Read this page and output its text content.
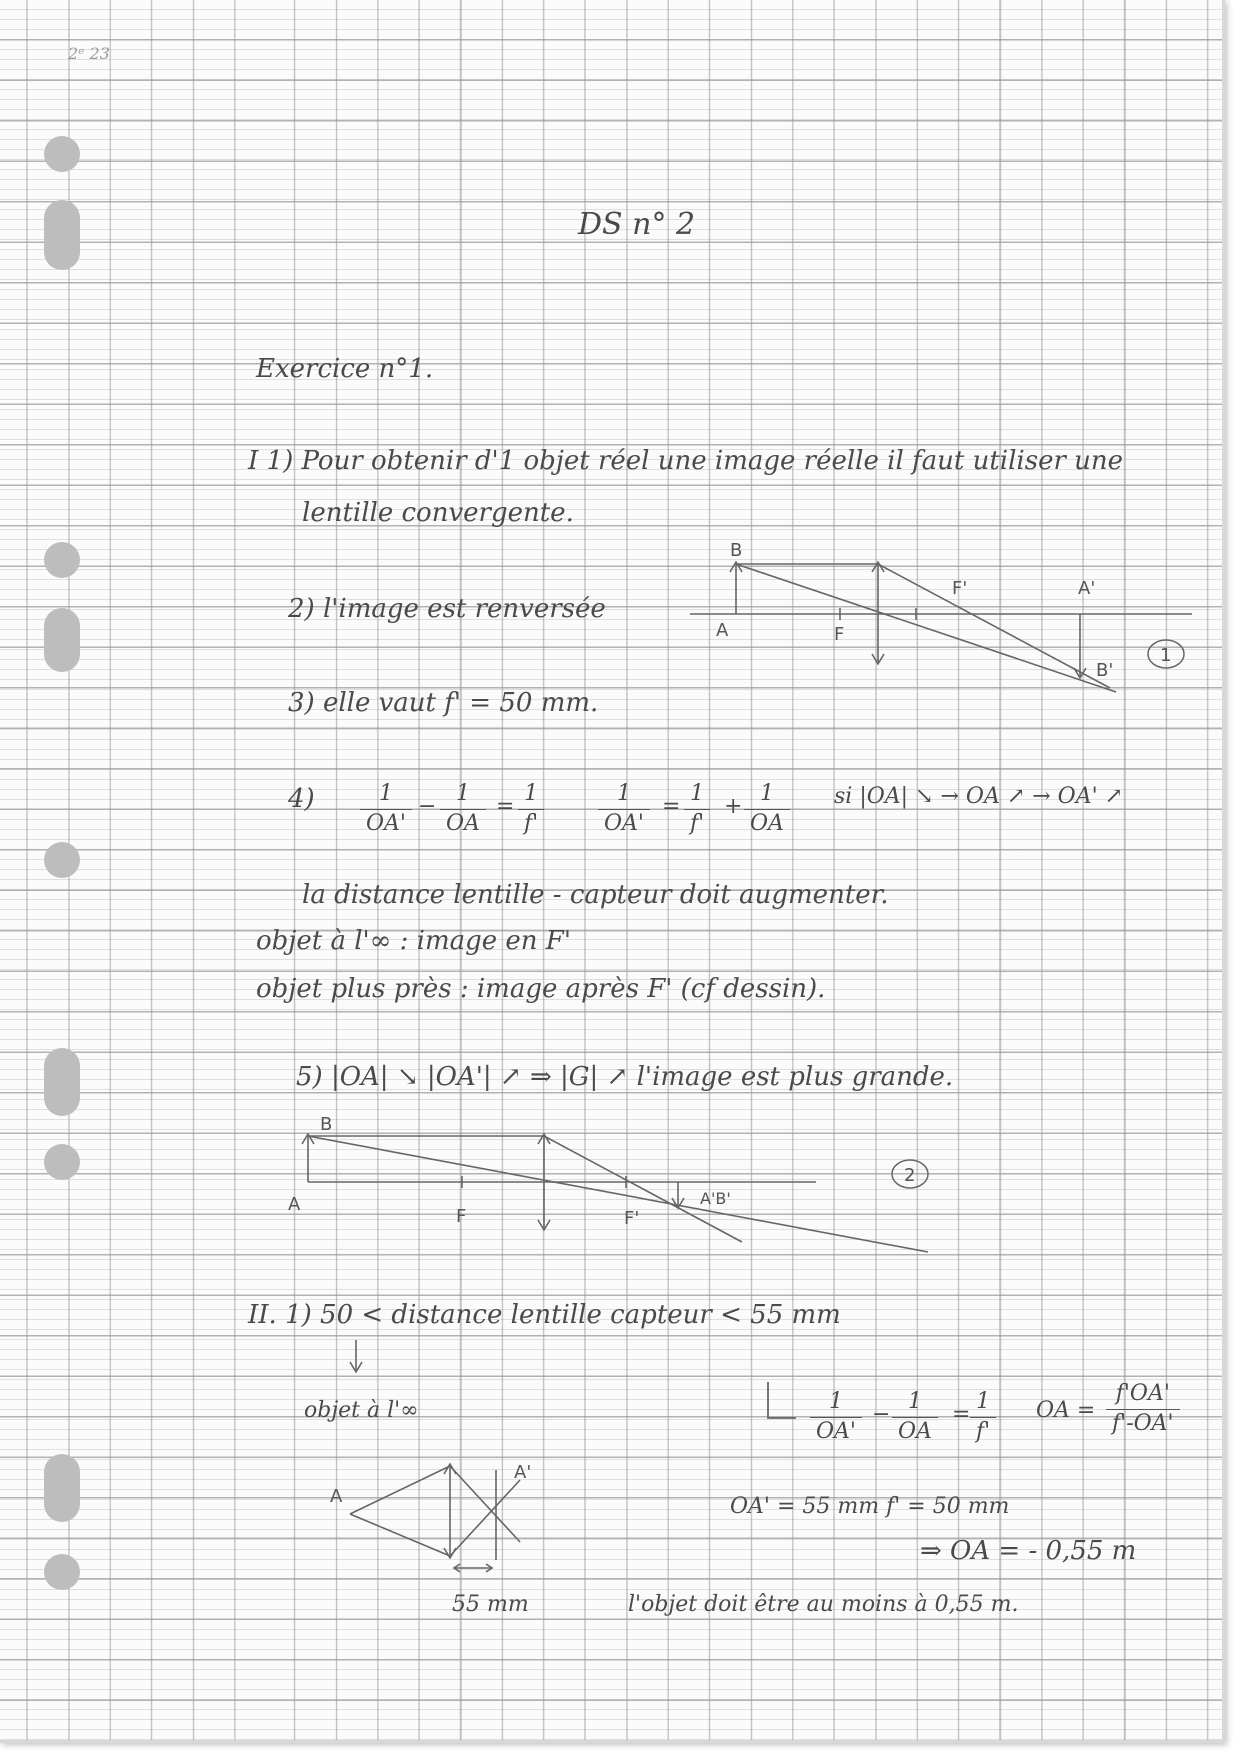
2ᵉ 23

DS n° 2

Exercice n°1.

I 1) Pour obtenir d'1 objet réel une image réelle il faut utiliser une

lentille convergente.

2) l'image est renversée

3) elle vaut f' = 50 mm.

B
A	F
F'	A'
B'
1

$4) \frac{1}{OA'} - \frac{1}{OA} = \frac{1}{f'} \frac{1}{OA'} = \frac{1}{f'} + \frac{1}{OA}$ si |OA| ↘ → OA ↗ → OA' ↗

la distance lentille - capteur doit augmenter.

objet à l'∞ : image en F'

objet plus près : image après F' (cf dessin).

5) |OA| ↘ |OA'| ↗ ⇒ |G| ↗ l'image est plus grande.

B
A
F	F'
A'B'
2

II. 1) 50 < distance lentille capteur < 55 mm

objet à l'∞	$\frac{1}{OA'} - \frac{1}{OA} = \frac{1}{f'}$ OA = $\frac{f'OA'}{f'-OA'}$
A
A'

55 mm

OA' = 55 mm f' = 50 mm

⇒ OA = - 0,55 m

l'objet doit être au moins à 0,55 m.
